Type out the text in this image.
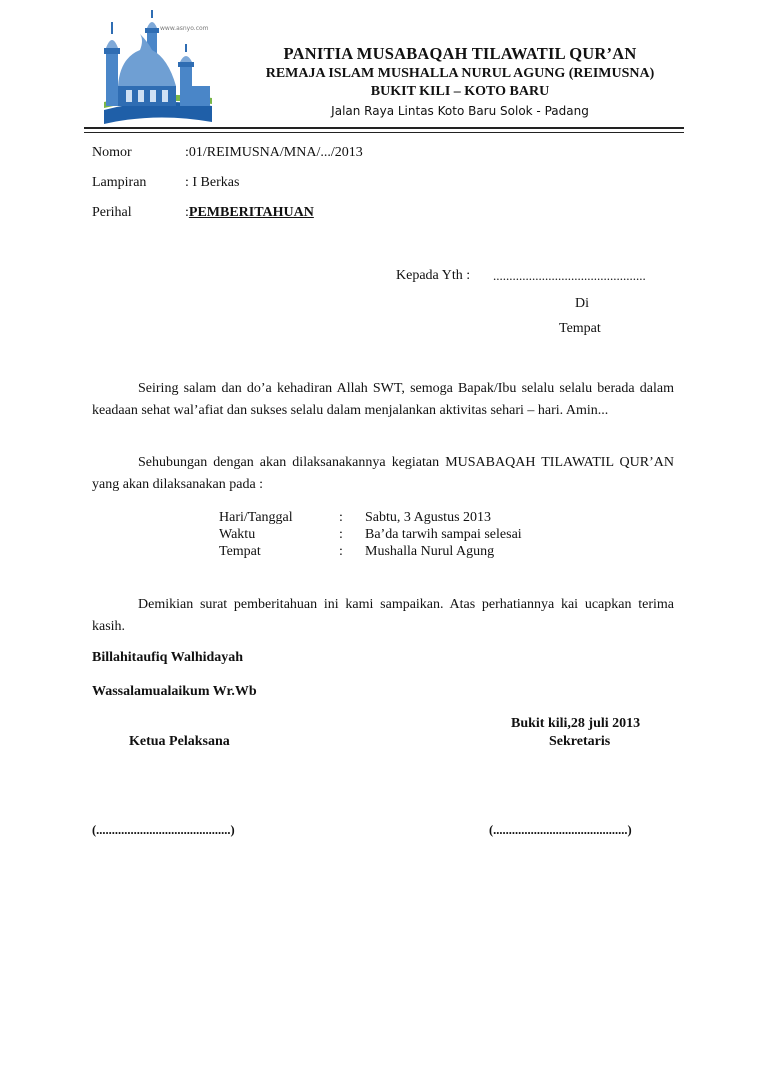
www.asnyo.com
PANITIA MUSABAQAH TILAWATIL QUR’AN
REMAJA ISLAM MUSHALLA NURUL AGUNG (REIMUSNA)
BUKIT KILI – KOTO BARU
Jalan Raya Lintas Koto Baru Solok - Padang
Nomor	:01/REIMUSNA/MNA/.../2013
Lampiran	: I Berkas
Perihal	:PEMBERITAHUAN
Kepada Yth : ...............................................
Di
Tempat
Seiring salam dan do’a kehadiran Allah SWT, semoga Bapak/Ibu selalu selalu berada dalam keadaan sehat wal’afiat dan sukses selalu dalam menjalankan aktivitas sehari – hari. Amin...
Sehubungan dengan akan dilaksanakannya kegiatan MUSABAQAH TILAWATIL QUR’AN yang akan dilaksanakan pada :
Hari/Tanggal	: Sabtu, 3 Agustus 2013
Waktu	: Ba’da tarwih sampai selesai
Tempat	: Mushalla Nurul Agung
Demikian surat pemberitahuan ini kami sampaikan. Atas perhatiannya kai ucapkan terima kasih.
Billahitaufiq Walhidayah
Wassalamualaikum Wr.Wb
Bukit kili,28 juli 2013
Ketua Pelaksana	Sekretaris
(...........................................)	(...........................................)
